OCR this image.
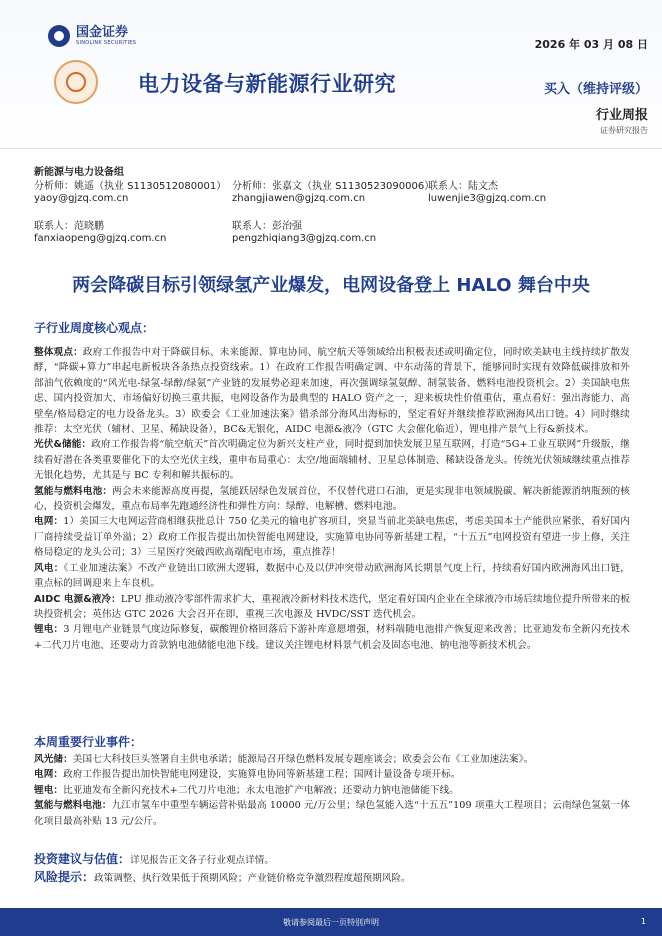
国金证券
SINOLINK SECURITIES	2026 年 03 月 08 日
电力设备与新能源行业研究	买入（维持评级）
行业周报
证券研究报告
新能源与电力设备组
分析师：姚遥（执业 S1130512080001）
yaoy@gjzq.com.cn
分析师：张嘉文（执业 S1130523090006）
zhangjiawen@gjzq.com.cn
联系人：陆文杰
luwenjie3@gjzq.com.cn
联系人：范晓鹏
fanxiaopeng@gjzq.com.cn
联系人：彭治强
pengzhiqiang3@gjzq.com.cn
两会降碳目标引领绿氢产业爆发，电网设备登上 HALO 舞台中央
子行业周度核心观点：

整体观点：政府工作报告中对于降碳目标、未来能源、算电协同、航空航天等领域给出积极表述或明确定位，同时欧美缺电主线持续扩散发酵，“降碳+算力”串起电新板块各条热点投资线索。1）在政府工作报告明确定调、中东动荡的背景下，能够同时实现有效降低碳排放和外部油气依赖度的“风光电-绿氢-绿醇/绿氨”产业链的发展势必迎来加速，再次强调绿氢氨醇、制氢装备、燃料电池投资机会。2）美国缺电焦虑、国内投资加大、市场偏好切换三重共振，电网设备作为最典型的 HALO 资产之一，迎来板块性价值重估，重点看好：强出海能力、高壁垒/格局稳定的电力设备龙头。3）欧委会《工业加速法案》错杀部分海风出海标的，坚定看好并继续推荐欧洲海风出口链。4）同时继续推荐：太空光伏（辅材、卫星、稀缺设备），BC&无银化，AIDC 电源&液冷（GTC 大会催化临近），锂电排产景气上行&新技术。

光伏&储能：政府工作报告将“航空航天”首次明确定位为新兴支柱产业，同时提到加快发展卫星互联网，打造“5G+工业互联网”升级版，继续看好潜在各类重要催化下的太空光伏主线，重申布局重心：太空/地面端辅材、卫星总体制造、稀缺设备龙头。传统光伏领域继续重点推荐无银化趋势，尤其是与 BC 专利和解共振标的。

氢能与燃料电池：两会未来能源高度再提，氢能跃居绿色发展首位，不仅替代进口石油，更是实现非电领域脱碳、解决新能源消纳瓶颈的核心，投资机会爆发，重点布局率先跑通经济性和弹性方向：绿醇、电解槽、燃料电池。

电网：1）美国三大电网运营商相继获批总计 750 亿美元的输电扩容项目，突显当前北美缺电焦虑，考虑美国本土产能供应紧张，看好国内厂商持续受益订单外溢；2）政府工作报告提出加快智能电网建设，实施算电协同等新基建工程，“十五五”电网投资有望进一步上修，关注格局稳定的龙头公司；3）三星医疗突破西欧高端配电市场，重点推荐！

风电：《工业加速法案》不改产业链出口欧洲大逻辑，数据中心及以伊冲突带动欧洲海风长期景气度上行，持续看好国内欧洲海风出口链，重点标的回调迎来上车良机。

AIDC 电源&液冷：LPU 推动液冷零部件需求扩大，重视液冷新材料技术迭代，坚定看好国内企业在全球液冷市场后续地位提升所带来的板块投资机会；英伟达 GTC 2026 大会召开在即，重视三次电源及 HVDC/SST 迭代机会。

锂电：3 月锂电产业链景气度边际修复，碳酸锂价格回落后下游补库意愿增强，材料端随电池排产恢复迎来改善；比亚迪发布全新闪充技术+二代刀片电池、还要动力首款钠电池储能电池下线。建议关注锂电材料景气机会及固态电池、钠电池等新技术机会。

本周重要行业事件：

风光储：美国七大科技巨头签署自主供电承诺；能源局召开绿色燃料发展专题座谈会；欧委会公布《工业加速法案》。

电网：政府工作报告提出加快智能电网建设，实施算电协同等新基建工程；国网计量设备专项开标。

锂电：比亚迪发布全新闪充技术+二代刀片电池；永太电池扩产电解液；还要动力钠电池储能下线。

氢能与燃料电池：九江市氢车中重型车辆运营补贴最高 10000 元/万公里；绿色氢能入选“十五五”109 项重大工程项目；云南绿色氢氨一体化项目最高补贴 13 元/公斤。

投资建议与估值：详见报告正文各子行业观点详情。
风险提示：政策调整、执行效果低于预期风险；产业链价格竞争激烈程度超预期风险。
敬请参阅最后一页特别声明	1
